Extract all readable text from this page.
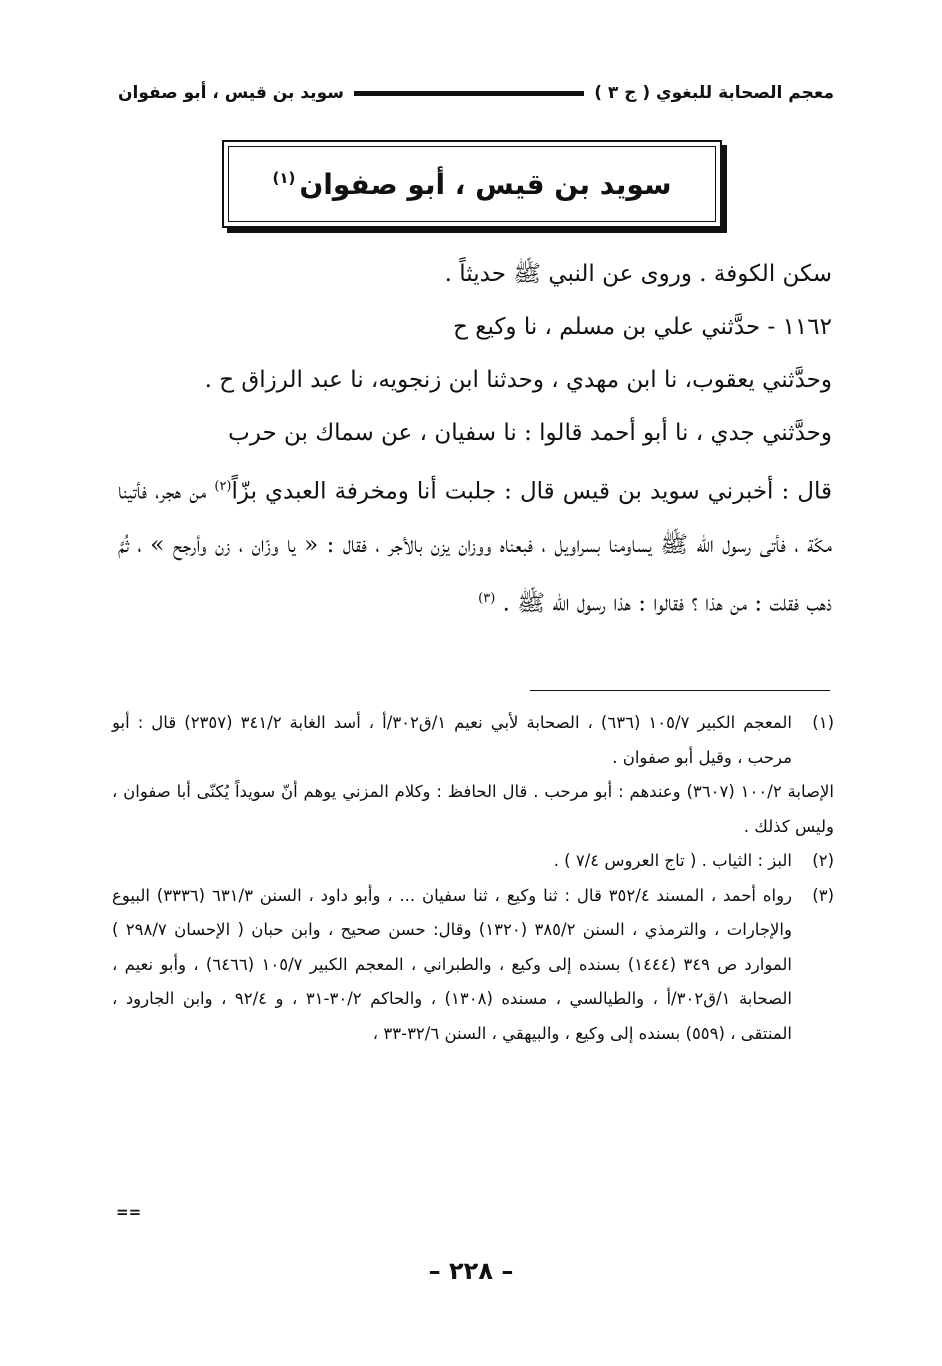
معجم الصحابة للبغوي ( ج ٣ )
سويد بن قيس ، أبو صفوان
سويد بن قيس ، أبو صفوان$^{(١)}$

سكن الكوفة . وروى عن النبي ﷺ حديثاً .

١١٦٢ - حدَّثني علي بن مسلم ، نا وكيع ح

وحدَّثني يعقوب، نا ابن مهدي ، وحدثنا ابن زنجويه، نا عبد الرزاق ح .

وحدَّثني جدي ، نا أبو أحمد قالوا : نا سفيان ، عن سماك بن حرب

قال : أخبرني سويد بن قيس قال : جلبت أنا ومخرفة العبدي بزّاً$^{(٢)}$ من هجر، فأتينا مكّة ، فأتى رسول الله ﷺ يساومنا بسراويل ، فبعناه ووزان يزن بالأجر ، فقال : « يا وزّان ، زن وأرجح » ، ثُمَّ ذهب فقلت : من هذا ؟ فقالوا : هذا رسول الله ﷺ . $^{(٣)}$

(١)
المعجم الكبير ١٠٥/٧ (٦٣٦) ، الصحابة لأبي نعيم ١/ق٣٠٢/أ ، أسد الغابة ٣٤١/٢ (٢٣٥٧) قال : أبو مرحب ، وقيل أبو صفوان .
الإصابة ١٠٠/٢ (٣٦٠٧) وعندهم : أبو مرحب . قال الحافظ : وكلام المزني يوهم أنّ سويداً يُكنّى أبا صفوان ، وليس كذلك .
(٢)
البز : الثياب . ( تاج العروس ٧/٤ ) .
(٣)
رواه أحمد ، المسند ٣٥٢/٤ قال : ثنا وكيع ، ثنا سفيان ... ، وأبو داود ، السنن ٦٣١/٣ (٣٣٣٦) البيوع والإجارات ، والترمذي ، السنن ٣٨٥/٢ (١٣٢٠) وقال: حسن صحيح ، وابن حبان ( الإحسان ٢٩٨/٧ ) الموارد ص ٣٤٩ (١٤٤٤) بسنده إلى وكيع ، والطبراني ، المعجم الكبير ١٠٥/٧ (٦٤٦٦) ، وأبو نعيم ، الصحابة ١/ق٣٠٢/أ ، والطيالسي ، مسنده (١٣٠٨) ، والحاكم ٣٠/٢-٣١ ، و ٩٢/٤ ، وابن الجارود ، المنتقى ، (٥٥٩) بسنده إلى وكيع ، والبيهقي ، السنن ٣٢/٦-٣٣ ،
==
– ٢٢٨ –
